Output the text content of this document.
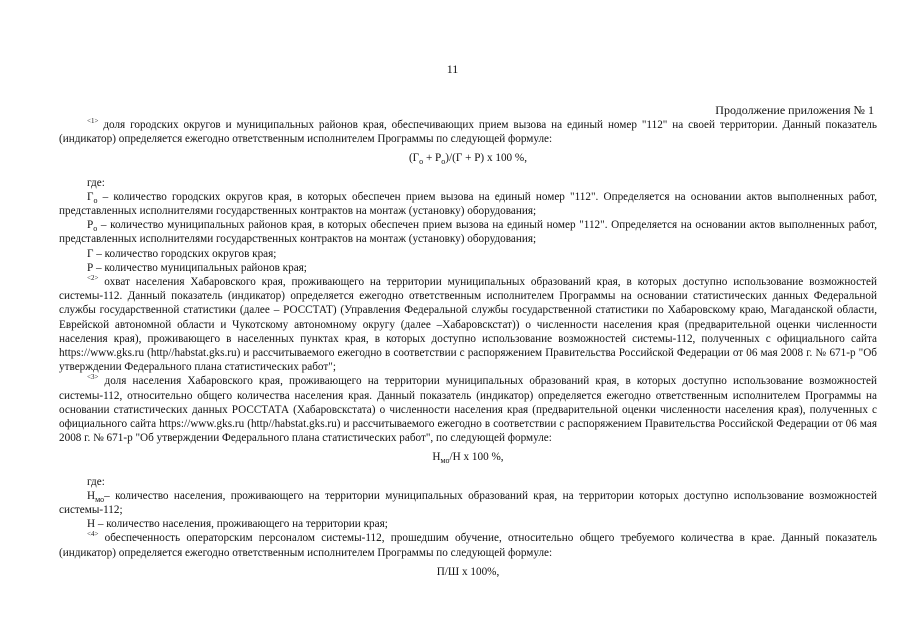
11
Продолжение приложения № 1

$^{<1>}$ доля городских округов и муниципальных районов края, обеспечивающих прием вызова на единый номер "112" на своей территории. Данный показатель (индикатор) определяется ежегодно ответственным исполнителем Программы по следующей формуле:

$(Г_о + Р_о)/(Г + Р)$ х 100 %,

где:

$Г_о$ – количество городских округов края, в которых обеспечен прием вызова на единый номер "112". Определяется на основании актов выполненных работ, представленных исполнителями государственных контрактов на монтаж (установку) оборудования;

$Р_о$ – количество муниципальных районов края, в которых обеспечен прием вызова на единый номер "112". Определяется на основании актов выполненных работ, представленных исполнителями государственных контрактов на монтаж (установку) оборудования;

Г – количество городских округов края;

Р – количество муниципальных районов края;

$^{<2>}$ охват населения Хабаровского края, проживающего на территории муниципальных образований края, в которых доступно использование возможностей системы-112. Данный показатель (индикатор) определяется ежегодно ответственным исполнителем Программы на основании статистических данных Федеральной службы государственной статистики (далее – РОССТАТ) (Управления Федеральной службы государственной статистики по Хабаровскому краю, Магаданской области, Еврейской автономной области и Чукотскому автономному округу (далее –Хабаровскстат)) о численности населения края (предварительной оценки численности населения края), проживающего в населенных пунктах края, в которых доступно использование возможностей системы-112, полученных с официального сайта https://www.gks.ru (http//habstat.gks.ru) и рассчитываемого ежегодно в соответствии с распоряжением Правительства Российской Федерации от 06 мая 2008 г. № 671-р "Об утверждении Федерального плана статистических работ";

$^{<3>}$ доля населения Хабаровского края, проживающего на территории муниципальных образований края, в которых доступно использование возможностей системы-112, относительно общего количества населения края. Данный показатель (индикатор) определяется ежегодно ответственным исполнителем Программы на основании статистических данных РОССТАТА (Хабаровскстата) о численности населения края (предварительной оценки численности населения края), полученных с официального сайта https://www.gks.ru (http//habstat.gks.ru) и рассчитываемого ежегодно в соответствии с распоряжением Правительства Российской Федерации от 06 мая 2008 г. № 671-р "Об утверждении Федерального плана статистических работ", по следующей формуле:

$Н_{мо}/Н$ х 100 %,

где:

$Н_{мо}-$ количество населения, проживающего на территории муниципальных образований края, на территории которых доступно использование возможностей системы-112;

Н – количество населения, проживающего на территории края;

$^{<4>}$ обеспеченность операторским персоналом системы-112, прошедшим обучение, относительно общего требуемого количества в крае. Данный показатель (индикатор) определяется ежегодно ответственным исполнителем Программы по следующей формуле:

П/Ш х 100%,
